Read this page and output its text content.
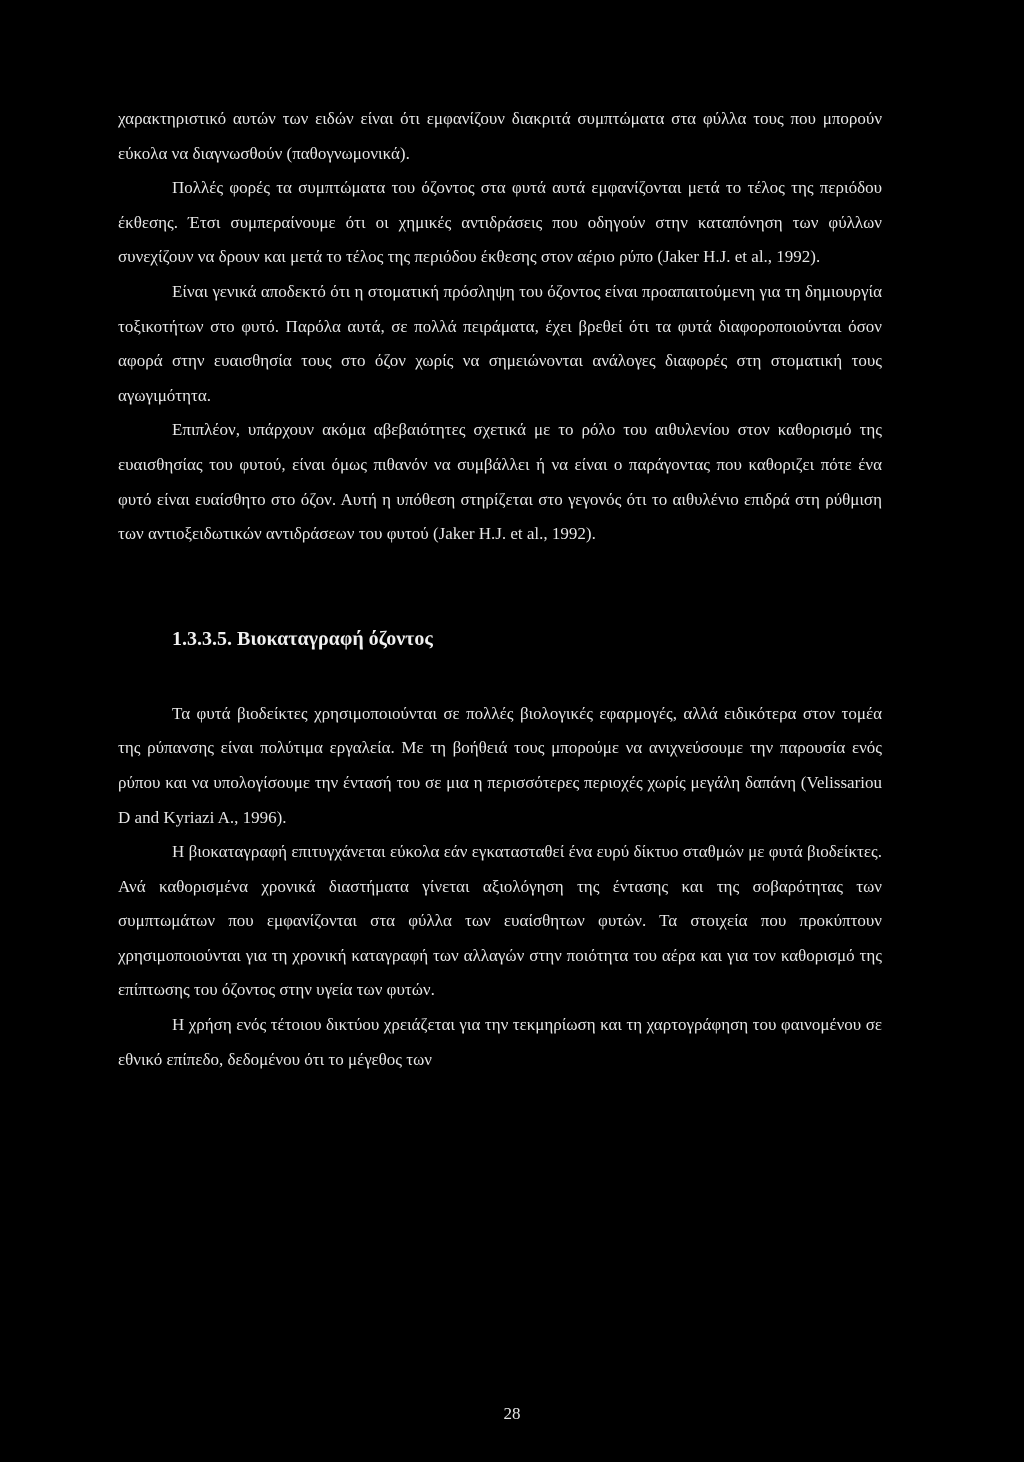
χαρακτηριστικό αυτών των ειδών είναι ότι εμφανίζουν διακριτά συμπτώματα στα φύλλα τους που μπορούν εύκολα να διαγνωσθούν (παθογνωμονικά).

Πολλές φορές τα συμπτώματα του όζοντος στα φυτά αυτά εμφανίζονται μετά το τέλος της περιόδου έκθεσης. Έτσι συμπεραίνουμε ότι οι χημικές αντιδράσεις που οδηγούν στην καταπόνηση των φύλλων συνεχίζουν να δρουν και μετά το τέλος της περιόδου έκθεσης στον αέριο ρύπο (Jaker H.J. et al., 1992).

Είναι γενικά αποδεκτό ότι η στοματική πρόσληψη του όζοντος είναι προαπαιτούμενη για τη δημιουργία τοξικοτήτων στο φυτό. Παρόλα αυτά, σε πολλά πειράματα, έχει βρεθεί ότι τα φυτά διαφοροποιούνται όσον αφορά στην ευαισθησία τους στο όζον χωρίς να σημειώνονται ανάλογες διαφορές στη στοματική τους αγωγιμότητα.

Επιπλέον, υπάρχουν ακόμα αβεβαιότητες σχετικά με το ρόλο του αιθυλενίου στον καθορισμό της ευαισθησίας του φυτού, είναι όμως πιθανόν να συμβάλλει ή να είναι ο παράγοντας που καθοριζει πότε ένα φυτό είναι ευαίσθητο στο όζον. Αυτή η υπόθεση στηρίζεται στο γεγονός ότι το αιθυλένιο επιδρά στη ρύθμιση των αντιοξειδωτικών αντιδράσεων του φυτού (Jaker H.J. et al., 1992).

1.3.3.5. Βιοκαταγραφή όζοντος

Τα φυτά βιοδείκτες χρησιμοποιούνται σε πολλές βιολογικές εφαρμογές, αλλά ειδικότερα στον τομέα της ρύπανσης είναι πολύτιμα εργαλεία. Με τη βοήθειά τους μπορούμε να ανιχνεύσουμε την παρουσία ενός ρύπου και να υπολογίσουμε την έντασή του σε μια η περισσότερες περιοχές χωρίς μεγάλη δαπάνη (Velissariou D and Kyriazi A., 1996).

Η βιοκαταγραφή επιτυγχάνεται εύκολα εάν εγκατασταθεί ένα ευρύ δίκτυο σταθμών με φυτά βιοδείκτες. Ανά καθορισμένα χρονικά διαστήματα γίνεται αξιολόγηση της έντασης και της σοβαρότητας των συμπτωμάτων που εμφανίζονται στα φύλλα των ευαίσθητων φυτών. Τα στοιχεία που προκύπτουν χρησιμοποιούνται για τη χρονική καταγραφή των αλλαγών στην ποιότητα του αέρα και για τον καθορισμό της επίπτωσης του όζοντος στην υγεία των φυτών.

Η χρήση ενός τέτοιου δικτύου χρειάζεται για την τεκμηρίωση και τη χαρτογράφηση του φαινομένου σε εθνικό επίπεδο, δεδομένου ότι το μέγεθος των

28
